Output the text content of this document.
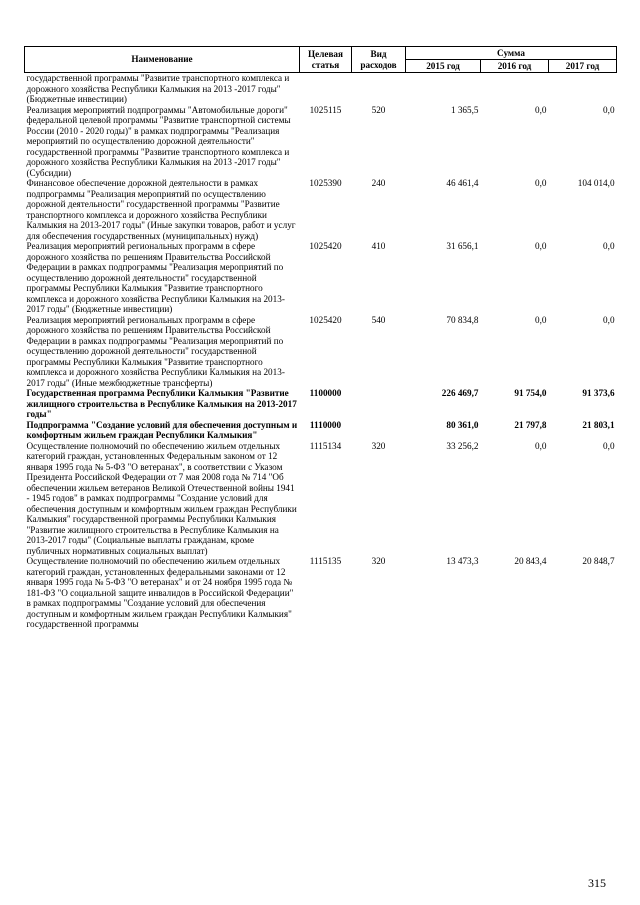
Наименование	Целевая статья	Вид расходов	Сумма		
			2015 год	2016 год	2017 год
государственной программы "Развитие транспортного комплекса и дорожного хозяйства Республики Калмыкия на 2013 -2017 годы"(Бюджетные инвестиции)					
Реализация мероприятий подпрограммы "Автомобильные дороги" федеральной целевой программы "Развитие транспортной системы России (2010 - 2020 годы)" в рамках подпрограммы "Реализация мероприятий по осуществлению дорожной деятельности" государственной программы "Развитие транспортного комплекса и дорожного хозяйства Республики Калмыкия на 2013 -2017 годы" (Субсидии)	1025115	520	1 365,5	0,0	0,0
Финансовое обеспечение дорожной деятельности в рамках подпрограммы "Реализация мероприятий по осуществлению дорожной деятельности" государственной программы "Развитие транспортного комплекса и дорожного хозяйства Республики Калмыкия на 2013-2017 годы" (Иные закупки товаров, работ и услуг для обеспечения государственных (муниципальных) нужд)	1025390	240	46 461,4	0,0	104 014,0
Реализация мероприятий региональных программ в сфере дорожного хозяйства по решениям Правительства Российской Федерации в рамках подпрограммы "Реализация мероприятий по осуществлению дорожной деятельности" государственной программы Республики Калмыкия "Развитие транспортного комплекса и дорожного хозяйства Республики Калмыкия на 2013-2017 годы" (Бюджетные инвестиции)	1025420	410	31 656,1	0,0	0,0
Реализация мероприятий региональных программ в сфере дорожного хозяйства по решениям Правительства Российской Федерации в рамках подпрограммы "Реализация мероприятий по осуществлению дорожной деятельности" государственной программы Республики Калмыкия "Развитие транспортного комплекса и дорожного хозяйства Республики Калмыкия на 2013-2017 годы" (Иные межбюджетные трансферты)	1025420	540	70 834,8	0,0	0,0
Государственная программа Республики Калмыкия "Развитие жилищного строительства в Республике Калмыкия на 2013-2017 годы"	1100000		226 469,7	91 754,0	91 373,6
Подпрограмма "Создание условий для обеспечения доступным и комфортным жильем граждан Республики Калмыкия"	1110000		80 361,0	21 797,8	21 803,1
Осуществление полномочий по обеспечению жильем отдельных категорий граждан, установленных Федеральным законом от 12 января 1995 года № 5-ФЗ "О ветеранах", в соответствии с Указом Президента Российской Федерации от 7 мая 2008 года № 714 "Об обеспечении жильем ветеранов Великой Отечественной войны 1941 - 1945 годов" в рамках подпрограммы "Создание условий для обеспечения доступным и комфортным жильем граждан Республики Калмыкия" государственной программы Республики Калмыкия "Развитие жилищного строительства в Республике Калмыкия на 2013-2017 годы" (Социальные выплаты гражданам, кроме публичных нормативных социальных выплат)	1115134	320	33 256,2	0,0	0,0
Осуществление полномочий по обеспечению жильем отдельных категорий граждан, установленных федеральными законами от 12 января 1995 года № 5-ФЗ "О ветеранах" и от 24 ноября 1995 года № 181-ФЗ "О социальной защите инвалидов в Российской Федерации" в рамках подпрограммы "Создание условий для обеспечения доступным и комфортным жильем граждан Республики Калмыкия" государственной программы	1115135	320	13 473,3	20 843,4	20 848,7
315
